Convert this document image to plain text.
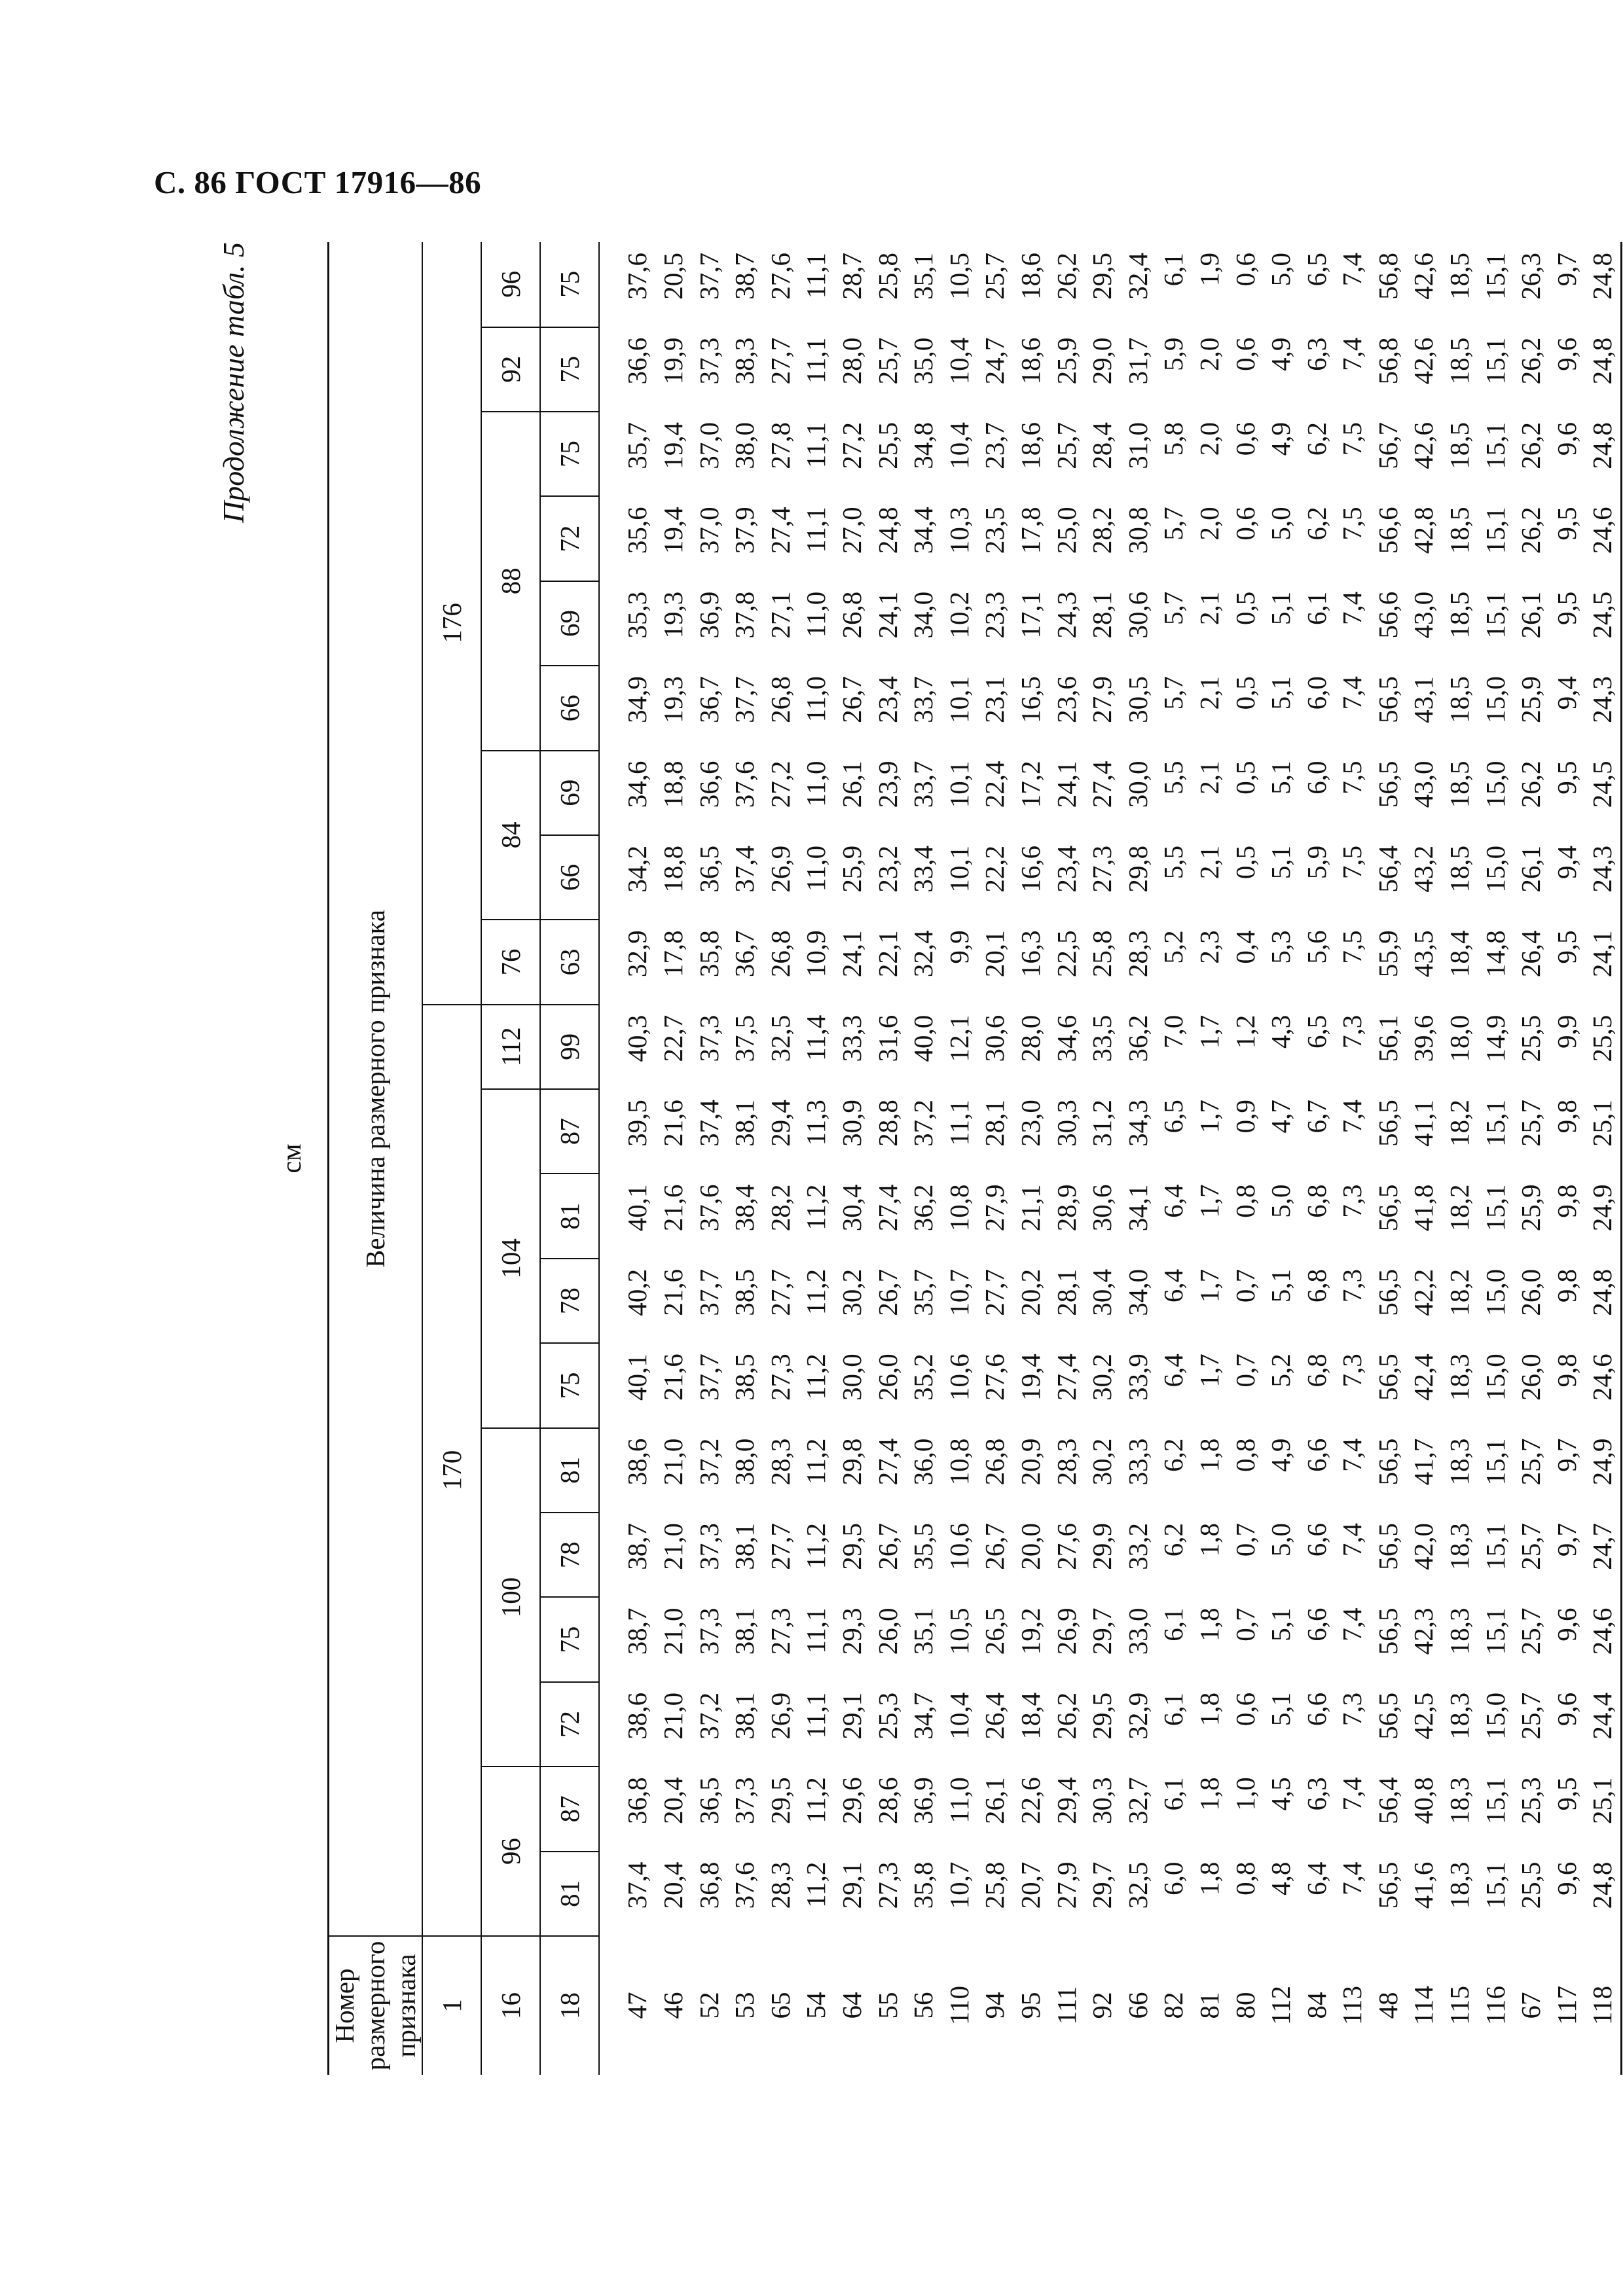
С. 86 ГОСТ 17916—86
Продолжение табл. 5
см
Номер размерного признака	Величина размерного признака																			
1	170											176								
16	96		100				104				112	76	84		88				92	96
18	81	87	72	75	78	81	75	78	81	87	99	63	66	69	66	69	72	75	75	75
47	37,4	36,8	38,6	38,7	38,7	38,6	40,1	40,2	40,1	39,5	40,3	32,9	34,2	34,6	34,9	35,3	35,6	35,7	36,6	37,6
46	20,4	20,4	21,0	21,0	21,0	21,0	21,6	21,6	21,6	21,6	22,7	17,8	18,8	18,8	19,3	19,3	19,4	19,4	19,9	20,5
52	36,8	36,5	37,2	37,3	37,3	37,2	37,7	37,7	37,6	37,4	37,3	35,8	36,5	36,6	36,7	36,9	37,0	37,0	37,3	37,7
53	37,6	37,3	38,1	38,1	38,1	38,0	38,5	38,5	38,4	38,1	37,5	36,7	37,4	37,6	37,7	37,8	37,9	38,0	38,3	38,7
65	28,3	29,5	26,9	27,3	27,7	28,3	27,3	27,7	28,2	29,4	32,5	26,8	26,9	27,2	26,8	27,1	27,4	27,8	27,7	27,6
54	11,2	11,2	11,1	11,1	11,2	11,2	11,2	11,2	11,2	11,3	11,4	10,9	11,0	11,0	11,0	11,0	11,1	11,1	11,1	11,1
64	29,1	29,6	29,1	29,3	29,5	29,8	30,0	30,2	30,4	30,9	33,3	24,1	25,9	26,1	26,7	26,8	27,0	27,2	28,0	28,7
55	27,3	28,6	25,3	26,0	26,7	27,4	26,0	26,7	27,4	28,8	31,6	22,1	23,2	23,9	23,4	24,1	24,8	25,5	25,7	25,8
56	35,8	36,9	34,7	35,1	35,5	36,0	35,2	35,7	36,2	37,2	40,0	32,4	33,4	33,7	33,7	34,0	34,4	34,8	35,0	35,1
110	10,7	11,0	10,4	10,5	10,6	10,8	10,6	10,7	10,8	11,1	12,1	9,9	10,1	10,1	10,1	10,2	10,3	10,4	10,4	10,5
94	25,8	26,1	26,4	26,5	26,7	26,8	27,6	27,7	27,9	28,1	30,6	20,1	22,2	22,4	23,1	23,3	23,5	23,7	24,7	25,7
95	20,7	22,6	18,4	19,2	20,0	20,9	19,4	20,2	21,1	23,0	28,0	16,3	16,6	17,2	16,5	17,1	17,8	18,6	18,6	18,6
111	27,9	29,4	26,2	26,9	27,6	28,3	27,4	28,1	28,9	30,3	34,6	22,5	23,4	24,1	23,6	24,3	25,0	25,7	25,9	26,2
92	29,7	30,3	29,5	29,7	29,9	30,2	30,2	30,4	30,6	31,2	33,5	25,8	27,3	27,4	27,9	28,1	28,2	28,4	29,0	29,5
66	32,5	32,7	32,9	33,0	33,2	33,3	33,9	34,0	34,1	34,3	36,2	28,3	29,8	30,0	30,5	30,6	30,8	31,0	31,7	32,4
82	6,0	6,1	6,1	6,1	6,2	6,2	6,4	6,4	6,4	6,5	7,0	5,2	5,5	5,5	5,7	5,7	5,7	5,8	5,9	6,1
81	1,8	1,8	1,8	1,8	1,8	1,8	1,7	1,7	1,7	1,7	1,7	2,3	2,1	2,1	2,1	2,1	2,0	2,0	2,0	1,9
80	0,8	1,0	0,6	0,7	0,7	0,8	0,7	0,7	0,8	0,9	1,2	0,4	0,5	0,5	0,5	0,5	0,6	0,6	0,6	0,6
112	4,8	4,5	5,1	5,1	5,0	4,9	5,2	5,1	5,0	4,7	4,3	5,3	5,1	5,1	5,1	5,1	5,0	4,9	4,9	5,0
84	6,4	6,3	6,6	6,6	6,6	6,6	6,8	6,8	6,8	6,7	6,5	5,6	5,9	6,0	6,0	6,1	6,2	6,2	6,3	6,5
113	7,4	7,4	7,3	7,4	7,4	7,4	7,3	7,3	7,3	7,4	7,3	7,5	7,5	7,5	7,4	7,4	7,5	7,5	7,4	7,4
48	56,5	56,4	56,5	56,5	56,5	56,5	56,5	56,5	56,5	56,5	56,1	55,9	56,4	56,5	56,5	56,6	56,6	56,7	56,8	56,8
114	41,6	40,8	42,5	42,3	42,0	41,7	42,4	42,2	41,8	41,1	39,6	43,5	43,2	43,0	43,1	43,0	42,8	42,6	42,6	42,6
115	18,3	18,3	18,3	18,3	18,3	18,3	18,3	18,2	18,2	18,2	18,0	18,4	18,5	18,5	18,5	18,5	18,5	18,5	18,5	18,5
116	15,1	15,1	15,0	15,1	15,1	15,1	15,0	15,0	15,1	15,1	14,9	14,8	15,0	15,0	15,0	15,1	15,1	15,1	15,1	15,1
67	25,5	25,3	25,7	25,7	25,7	25,7	26,0	26,0	25,9	25,7	25,5	26,4	26,1	26,2	25,9	26,1	26,2	26,2	26,2	26,3
117	9,6	9,5	9,6	9,6	9,7	9,7	9,8	9,8	9,8	9,8	9,9	9,5	9,4	9,5	9,4	9,5	9,5	9,6	9,6	9,7
118	24,8	25,1	24,4	24,6	24,7	24,9	24,6	24,8	24,9	25,1	25,5	24,1	24,3	24,5	24,3	24,5	24,6	24,8	24,8	24,8
